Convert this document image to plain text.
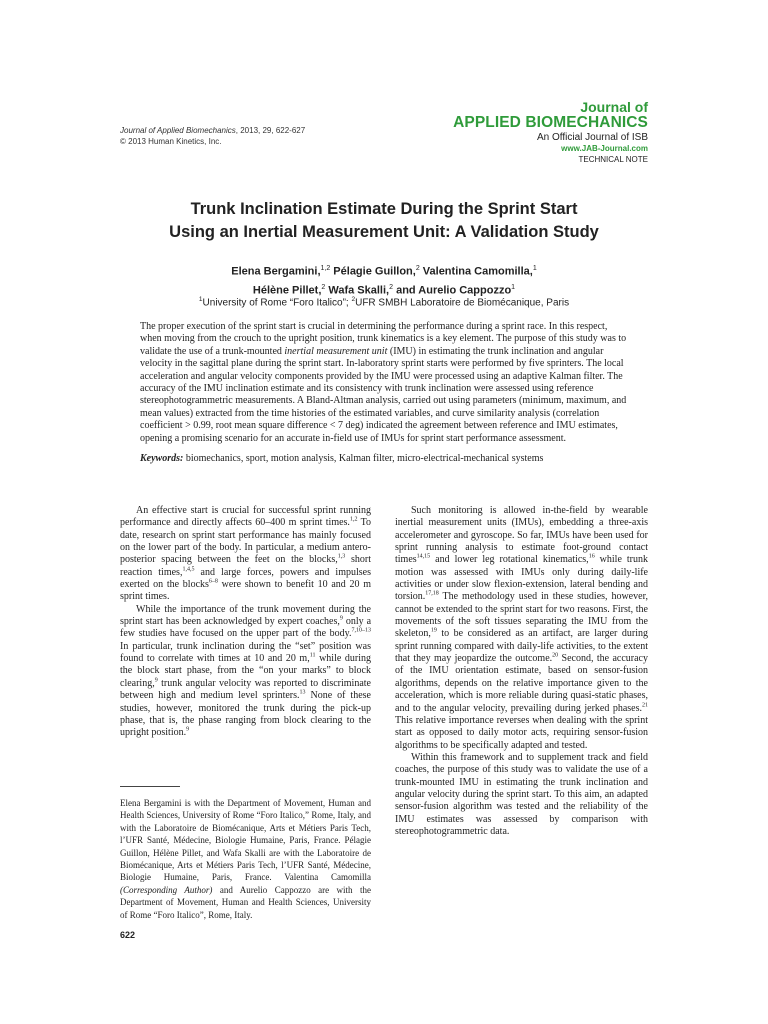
Journal of Applied Biomechanics, 2013, 29, 622-627
© 2013 Human Kinetics, Inc.
Journal of
APPLIED BIOMECHANICS
An Official Journal of ISB
www.JAB-Journal.com
TECHNICAL NOTE
Trunk Inclination Estimate During the Sprint Start
Using an Inertial Measurement Unit: A Validation Study
Elena Bergamini,$^{1,2}$ Pélagie Guillon,$^2$ Valentina Camomilla,$^1$
Hélène Pillet,$^2$ Wafa Skalli,$^2$ and Aurelio Cappozzo$^1$
$^1$University of Rome “Foro Italico”; $^2$UFR SMBH Laboratoire de Biomécanique, Paris

The proper execution of the sprint start is crucial in determining the performance during a sprint race. In this respect, when moving from the crouch to the upright position, trunk kinematics is a key element. The purpose of this study was to validate the use of a trunk-mounted inertial measurement unit (IMU) in estimating the trunk inclination and angular velocity in the sagittal plane during the sprint start. In-laboratory sprint starts were performed by five sprinters. The local acceleration and angular velocity components provided by the IMU were processed using an adaptive Kalman filter. The accuracy of the IMU inclination estimate and its consistency with trunk inclination were assessed using reference stereophotogrammetric measurements. A Bland-Altman analysis, carried out using parameters (minimum, maximum, and mean values) extracted from the time histories of the estimated variables, and curve similarity analysis (correlation coefficient > 0.99, root mean square difference < 7 deg) indicated the agreement between reference and IMU estimates, opening a promising scenario for an accurate in-field use of IMUs for sprint start performance assessment.

Keywords: biomechanics, sport, motion analysis, Kalman filter, micro-electrical-mechanical systems

An effective start is crucial for successful sprint running performance and directly affects 60–400 m sprint times.$^{1,2}$ To date, research on sprint start performance has mainly focused on the lower part of the body. In particular, a medium antero-posterior spacing between the feet on the blocks,$^{1,3}$ short reaction times,$^{1,4,5}$ and large forces, powers and impulses exerted on the blocks$^{6-8}$ were shown to benefit 10 and 20 m sprint times.

While the importance of the trunk movement during the sprint start has been acknowledged by expert coaches,$^9$ only a few studies have focused on the upper part of the body.$^{7,10-13}$ In particular, trunk inclination during the “set” position was found to correlate with times at 10 and 20 m,$^{11}$ while during the block start phase, from the “on your marks” to block clearing,$^9$ trunk angular velocity was reported to discriminate between high and medium level sprinters.$^{13}$ None of these studies, however, monitored the trunk during the pick-up phase, that is, the phase ranging from block clearing to the upright position.$^9$

Elena Bergamini is with the Department of Movement, Human and Health Sciences, University of Rome “Foro Italico,” Rome, Italy, and with the Laboratoire de Biomécanique, Arts et Métiers Paris Tech, l’UFR Santé, Médecine, Biologie Humaine, Paris, France. Pélagie Guillon, Hélène Pillet, and Wafa Skalli are with the Laboratoire de Biomécanique, Arts et Métiers Paris Tech, l’UFR Santé, Médecine, Biologie Humaine, Paris, France. Valentina Camomilla (Corresponding Author) and Aurelio Cappozzo are with the Department of Movement, Human and Health Sciences, University of Rome “Foro Italico”, Rome, Italy.

Such monitoring is allowed in-the-field by wearable inertial measurement units (IMUs), embedding a three-axis accelerometer and gyroscope. So far, IMUs have been used for sprint running analysis to estimate foot-ground contact times$^{14,15}$ and lower leg rotational kinematics,$^{16}$ while trunk motion was assessed with IMUs only during daily-life activities or under slow flexion-extension, lateral bending and torsion.$^{17,18}$ The methodology used in these studies, however, cannot be extended to the sprint start for two reasons. First, the movements of the soft tissues separating the IMU from the skeleton,$^{19}$ to be considered as an artifact, are larger during sprint running compared with daily-life activities, to the extent that they may jeopardize the outcome.$^{20}$ Second, the accuracy of the IMU orientation estimate, based on sensor-fusion algorithms, depends on the relative importance given to the acceleration, which is more reliable during quasi-static phases, and to the angular velocity, prevailing during jerked phases.$^{21}$ This relative importance reverses when dealing with the sprint start as opposed to daily motor acts, requiring sensor-fusion algorithms to be specifically adapted and tested.

Within this framework and to supplement track and field coaches, the purpose of this study was to validate the use of a trunk-mounted IMU in estimating the trunk inclination and angular velocity during the sprint start. To this aim, an adapted sensor-fusion algorithm was tested and the reliability of the IMU estimates was assessed by comparison with stereophotogrammetric data.

622
